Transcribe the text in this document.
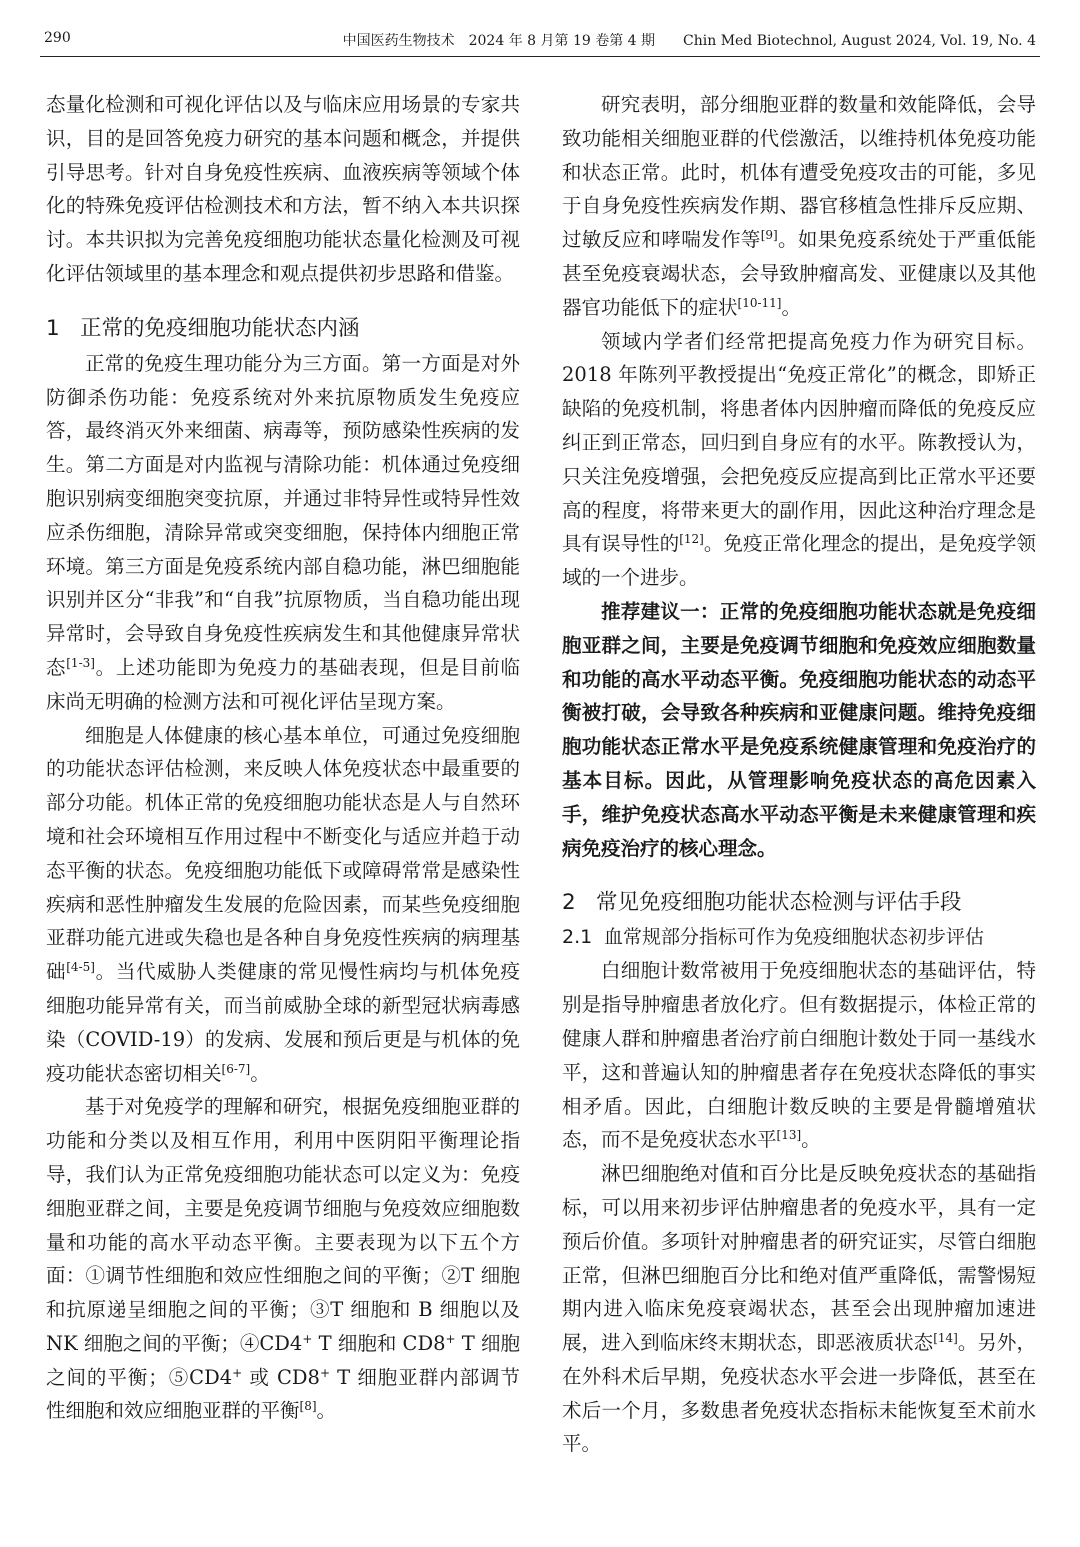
290	中国医药生物技术　2024 年 8 月第 19 卷第 4 期　　Chin Med Biotechnol, August 2024, Vol. 19, No. 4

态量化检测和可视化评估以及与临床应用场景的专家共识，目的是回答免疫力研究的基本问题和概念，并提供引导思考。针对自身免疫性疾病、血液疾病等领域个体化的特殊免疫评估检测技术和方法，暂不纳入本共识探讨。本共识拟为完善免疫细胞功能状态量化检测及可视化评估领域里的基本理念和观点提供初步思路和借鉴。

1 正常的免疫细胞功能状态内涵

正常的免疫生理功能分为三方面。第一方面是对外防御杀伤功能：免疫系统对外来抗原物质发生免疫应答，最终消灭外来细菌、病毒等，预防感染性疾病的发生。第二方面是对内监视与清除功能：机体通过免疫细胞识别病变细胞突变抗原，并通过非特异性或特异性效应杀伤细胞，清除异常或突变细胞，保持体内细胞正常环境。第三方面是免疫系统内部自稳功能，淋巴细胞能识别并区分“非我”和“自我”抗原物质，当自稳功能出现异常时，会导致自身免疫性疾病发生和其他健康异常状态[1-3]。上述功能即为免疫力的基础表现，但是目前临床尚无明确的检测方法和可视化评估呈现方案。

细胞是人体健康的核心基本单位，可通过免疫细胞的功能状态评估检测，来反映人体免疫状态中最重要的部分功能。机体正常的免疫细胞功能状态是人与自然环境和社会环境相互作用过程中不断变化与适应并趋于动态平衡的状态。免疫细胞功能低下或障碍常常是感染性疾病和恶性肿瘤发生发展的危险因素，而某些免疫细胞亚群功能亢进或失稳也是各种自身免疫性疾病的病理基础[4-5]。当代威胁人类健康的常见慢性病均与机体免疫细胞功能异常有关，而当前威胁全球的新型冠状病毒感染（COVID-19）的发病、发展和预后更是与机体的免疫功能状态密切相关[6-7]。

基于对免疫学的理解和研究，根据免疫细胞亚群的功能和分类以及相互作用，利用中医阴阳平衡理论指导，我们认为正常免疫细胞功能状态可以定义为：免疫细胞亚群之间，主要是免疫调节细胞与免疫效应细胞数量和功能的高水平动态平衡。主要表现为以下五个方面：①调节性细胞和效应性细胞之间的平衡；②T 细胞和抗原递呈细胞之间的平衡；③T 细胞和 B 细胞以及 NK 细胞之间的平衡；④CD4+ T 细胞和 CD8+ T 细胞之间的平衡；⑤CD4+ 或 CD8+ T 细胞亚群内部调节性细胞和效应细胞亚群的平衡[8]。

研究表明，部分细胞亚群的数量和效能降低，会导致功能相关细胞亚群的代偿激活，以维持机体免疫功能和状态正常。此时，机体有遭受免疫攻击的可能，多见于自身免疫性疾病发作期、器官移植急性排斥反应期、过敏反应和哮喘发作等[9]。如果免疫系统处于严重低能甚至免疫衰竭状态，会导致肿瘤高发、亚健康以及其他器官功能低下的症状[10-11]。

领域内学者们经常把提高免疫力作为研究目标。2018 年陈列平教授提出“免疫正常化”的概念，即矫正缺陷的免疫机制，将患者体内因肿瘤而降低的免疫反应纠正到正常态，回归到自身应有的水平。陈教授认为，只关注免疫增强，会把免疫反应提高到比正常水平还要高的程度，将带来更大的副作用，因此这种治疗理念是具有误导性的[12]。免疫正常化理念的提出，是免疫学领域的一个进步。

推荐建议一：正常的免疫细胞功能状态就是免疫细胞亚群之间，主要是免疫调节细胞和免疫效应细胞数量和功能的高水平动态平衡。免疫细胞功能状态的动态平衡被打破，会导致各种疾病和亚健康问题。维持免疫细胞功能状态正常水平是免疫系统健康管理和免疫治疗的基本目标。因此，从管理影响免疫状态的高危因素入手，维护免疫状态高水平动态平衡是未来健康管理和疾病免疫治疗的核心理念。

2 常见免疫细胞功能状态检测与评估手段
2.1 血常规部分指标可作为免疫细胞状态初步评估

白细胞计数常被用于免疫细胞状态的基础评估，特别是指导肿瘤患者放化疗。但有数据提示，体检正常的健康人群和肿瘤患者治疗前白细胞计数处于同一基线水平，这和普遍认知的肿瘤患者存在免疫状态降低的事实相矛盾。因此，白细胞计数反映的主要是骨髓增殖状态，而不是免疫状态水平[13]。

淋巴细胞绝对值和百分比是反映免疫状态的基础指标，可以用来初步评估肿瘤患者的免疫水平，具有一定预后价值。多项针对肿瘤患者的研究证实，尽管白细胞正常，但淋巴细胞百分比和绝对值严重降低，需警惕短期内进入临床免疫衰竭状态，甚至会出现肿瘤加速进展，进入到临床终末期状态，即恶液质状态[14]。另外，在外科术后早期，免疫状态水平会进一步降低，甚至在术后一个月，多数患者免疫状态指标未能恢复至术前水平。
